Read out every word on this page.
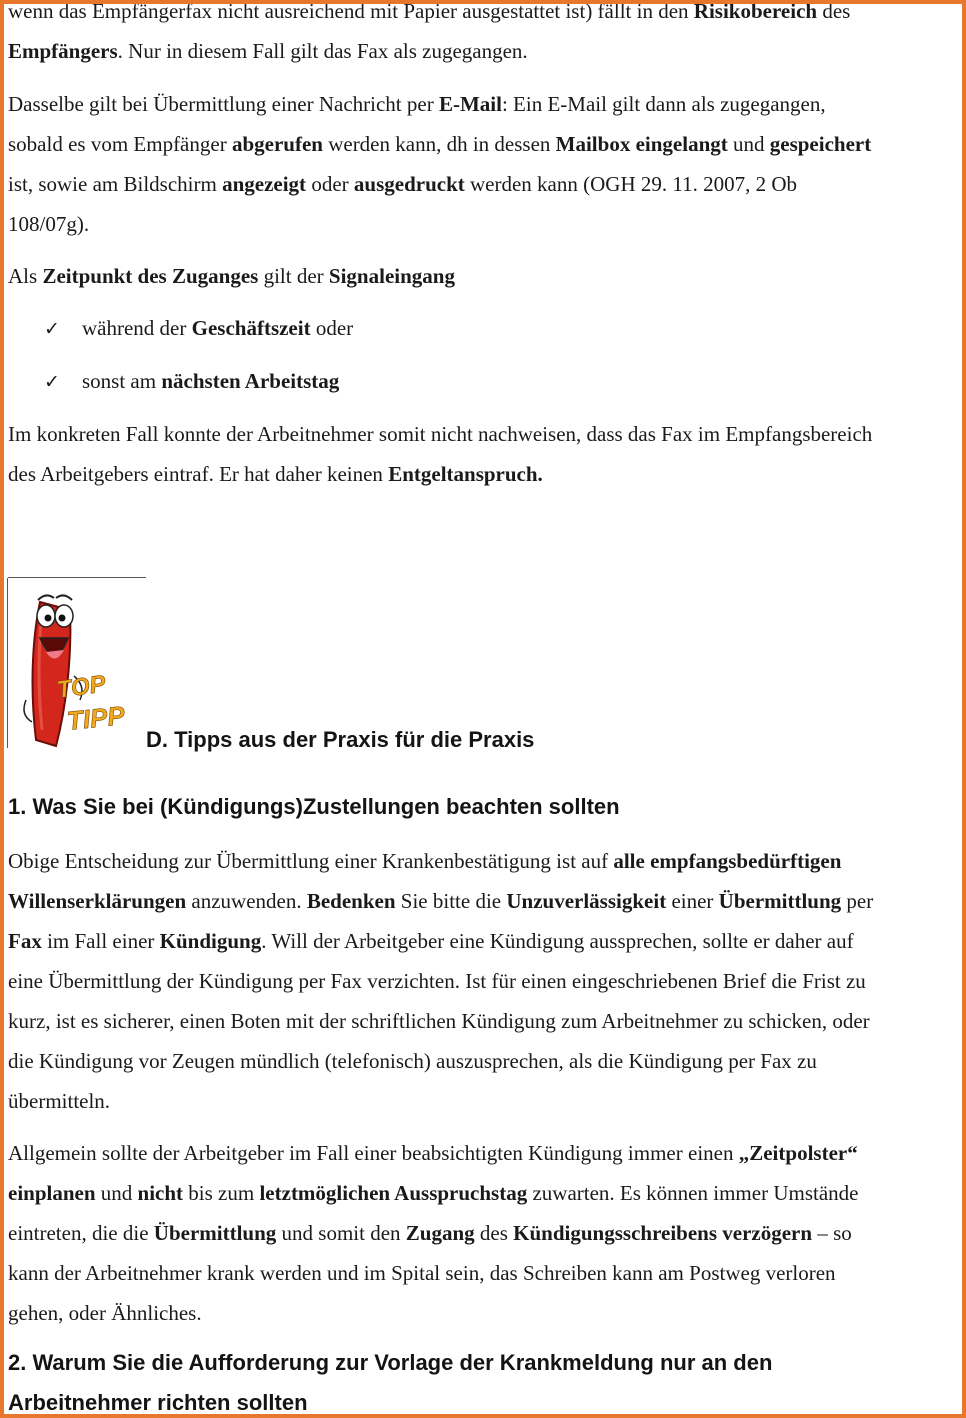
wenn das Empfängerfax nicht ausreichend mit Papier ausgestattet ist) fällt in den Risikobereich des
Empfängers. Nur in diesem Fall gilt das Fax als zugegangen.

Dasselbe gilt bei Übermittlung einer Nachricht per E-Mail: Ein E-Mail gilt dann als zugegangen,
sobald es vom Empfänger abgerufen werden kann, dh in dessen Mailbox eingelangt und gespeichert
ist, sowie am Bildschirm angezeigt oder ausgedruckt werden kann (OGH 29. 11. 2007, 2 Ob
108/07g).

Als Zeitpunkt des Zuganges gilt der Signaleingang

✓ während der Geschäftszeit oder
✓ sonst am nächsten Arbeitstag

Im konkreten Fall konnte der Arbeitnehmer somit nicht nachweisen, dass das Fax im Empfangsbereich
des Arbeitgebers eintraf. Er hat daher keinen Entgeltanspruch.

TOP
TIPP
D. Tipps aus der Praxis für die Praxis
1. Was Sie bei (Kündigungs)Zustellungen beachten sollten

Obige Entscheidung zur Übermittlung einer Krankenbestätigung ist auf alle empfangsbedürftigen
Willenserklärungen anzuwenden. Bedenken Sie bitte die Unzuverlässigkeit einer Übermittlung per
Fax im Fall einer Kündigung. Will der Arbeitgeber eine Kündigung aussprechen, sollte er daher auf
eine Übermittlung der Kündigung per Fax verzichten. Ist für einen eingeschriebenen Brief die Frist zu
kurz, ist es sicherer, einen Boten mit der schriftlichen Kündigung zum Arbeitnehmer zu schicken, oder
die Kündigung vor Zeugen mündlich (telefonisch) auszusprechen, als die Kündigung per Fax zu
übermitteln.

Allgemein sollte der Arbeitgeber im Fall einer beabsichtigten Kündigung immer einen „Zeitpolster“
einplanen und nicht bis zum letztmöglichen Ausspruchstag zuwarten. Es können immer Umstände
eintreten, die die Übermittlung und somit den Zugang des Kündigungsschreibens verzögern – so
kann der Arbeitnehmer krank werden und im Spital sein, das Schreiben kann am Postweg verloren
gehen, oder Ähnliches.

2. Warum Sie die Aufforderung zur Vorlage der Krankmeldung nur an den
Arbeitnehmer richten sollten
